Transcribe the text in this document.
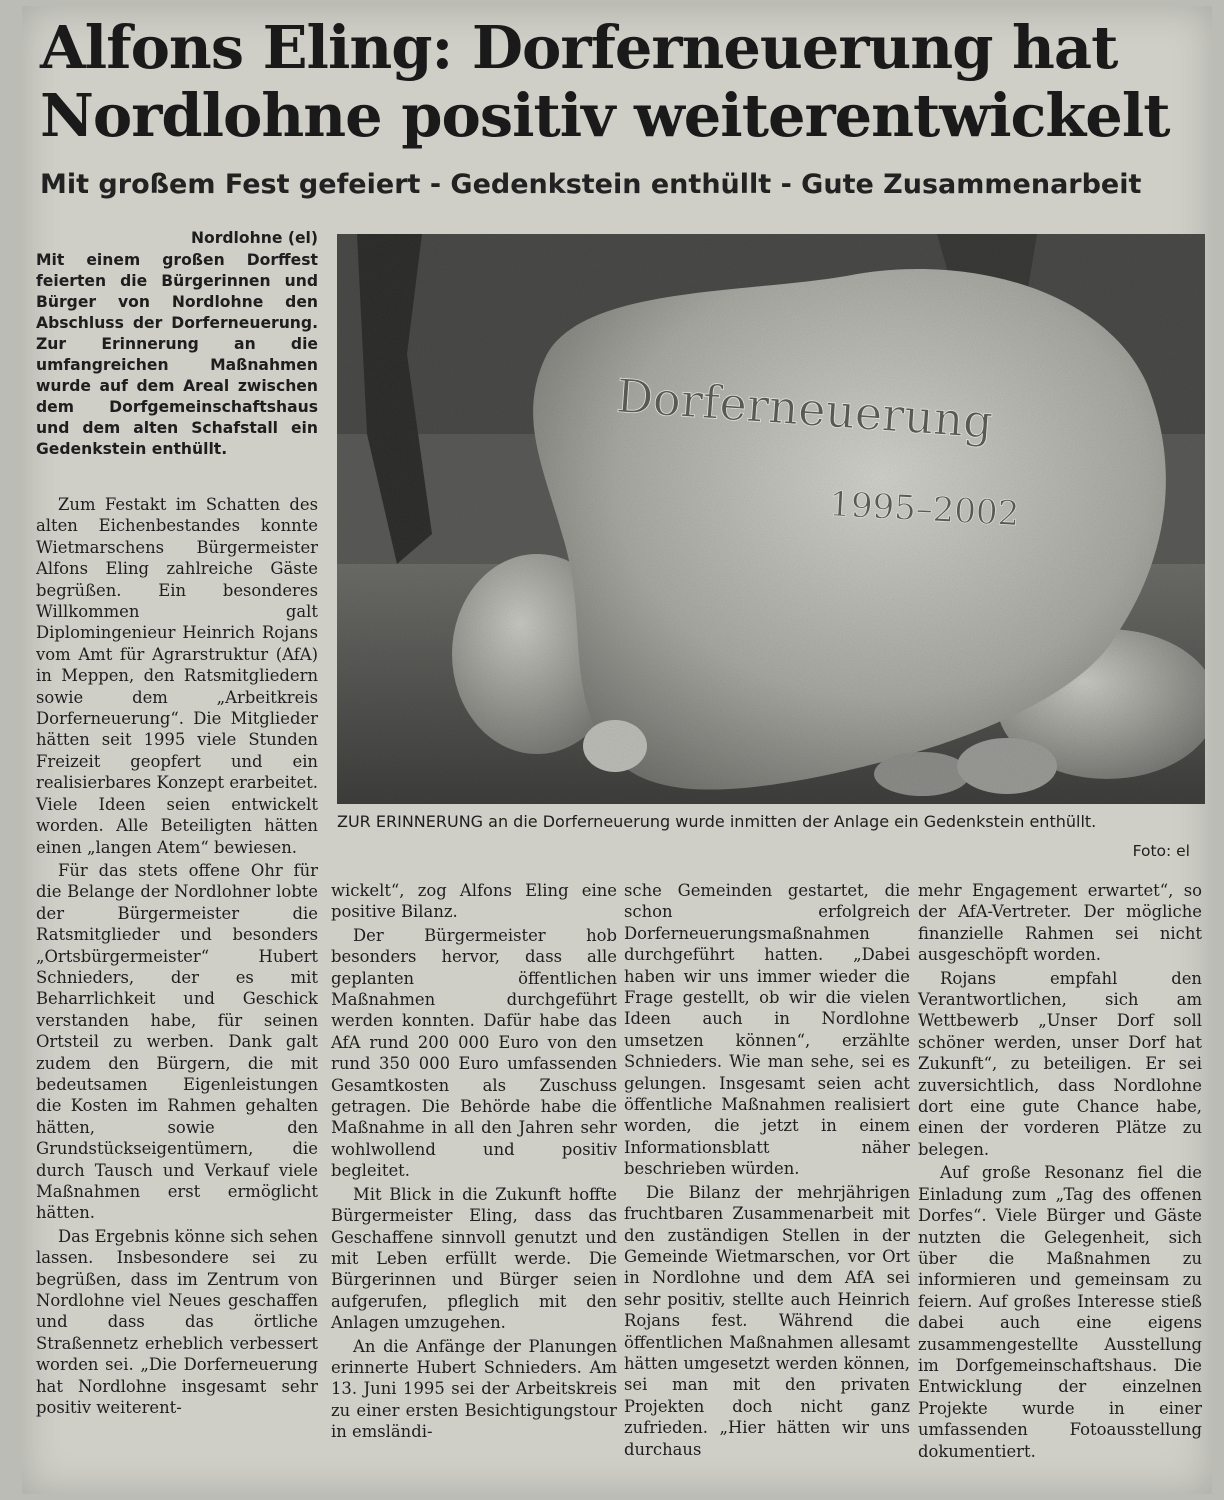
Alfons Eling: Dorferneuerung hat Nordlohne positiv weiterentwickelt
Mit großem Fest gefeiert - Gedenkstein enthüllt - Gute Zusammenarbeit

Nordlohne (el)

Mit einem großen Dorffest feierten die Bürgerinnen und Bürger von Nordlohne den Abschluss der Dorferneuerung. Zur Erinnerung an die umfangreichen Maßnahmen wurde auf dem Areal zwischen dem Dorfgemeinschaftshaus und dem alten Schafstall ein Gedenkstein enthüllt.

Dorferneuerung
1995–2002
ZUR ERINNERUNG an die Dorferneuerung wurde inmitten der Anlage ein Gedenkstein enthüllt.
Foto: el

Zum Festakt im Schatten des alten Eichenbestandes konnte Wietmarschens Bürgermeister Alfons Eling zahlreiche Gäste begrüßen. Ein besonderes Willkommen galt Diplomingenieur Heinrich Rojans vom Amt für Agrarstruktur (AfA) in Meppen, den Ratsmitgliedern sowie dem „Arbeitkreis Dorferneuerung“. Die Mitglieder hätten seit 1995 viele Stunden Freizeit geopfert und ein realisierbares Konzept erarbeitet. Viele Ideen seien entwickelt worden. Alle Beteiligten hätten einen „langen Atem“ bewiesen.

Für das stets offene Ohr für die Belange der Nordlohner lobte der Bürgermeister die Ratsmitglieder und besonders „Ortsbürgermeister“ Hubert Schnieders, der es mit Beharrlichkeit und Geschick verstanden habe, für seinen Ortsteil zu werben. Dank galt zudem den Bürgern, die mit bedeutsamen Eigenleistungen die Kosten im Rahmen gehalten hätten, sowie den Grundstückseigentümern, die durch Tausch und Verkauf viele Maßnahmen erst ermöglicht hätten.

Das Ergebnis könne sich sehen lassen. Insbesondere sei zu begrüßen, dass im Zentrum von Nordlohne viel Neues geschaffen und dass das örtliche Straßennetz erheblich verbessert worden sei. „Die Dorferneuerung hat Nordlohne insgesamt sehr positiv weiterent-

wickelt“, zog Alfons Eling eine positive Bilanz.

Der Bürgermeister hob besonders hervor, dass alle geplanten öffentlichen Maßnahmen durchgeführt werden konnten. Dafür habe das AfA rund 200 000 Euro von den rund 350 000 Euro umfassenden Gesamtkosten als Zuschuss getragen. Die Behörde habe die Maßnahme in all den Jahren sehr wohlwollend und positiv begleitet.

Mit Blick in die Zukunft hoffte Bürgermeister Eling, dass das Geschaffene sinnvoll genutzt und mit Leben erfüllt werde. Die Bürgerinnen und Bürger seien aufgerufen, pfleglich mit den Anlagen umzugehen.

An die Anfänge der Planungen erinnerte Hubert Schnieders. Am 13. Juni 1995 sei der Arbeitskreis zu einer ersten Besichtigungstour in emsländi-

sche Gemeinden gestartet, die schon erfolgreich Dorferneuerungsmaßnahmen durchgeführt hatten. „Dabei haben wir uns immer wieder die Frage gestellt, ob wir die vielen Ideen auch in Nordlohne umsetzen können“, erzählte Schnieders. Wie man sehe, sei es gelungen. Insgesamt seien acht öffentliche Maßnahmen realisiert worden, die jetzt in einem Informationsblatt näher beschrieben würden.

Die Bilanz der mehrjährigen fruchtbaren Zusammenarbeit mit den zuständigen Stellen in der Gemeinde Wietmarschen, vor Ort in Nordlohne und dem AfA sei sehr positiv, stellte auch Heinrich Rojans fest. Während die öffentlichen Maßnahmen allesamt hätten umgesetzt werden können, sei man mit den privaten Projekten doch nicht ganz zufrieden. „Hier hätten wir uns durchaus

mehr Engagement erwartet“, so der AfA-Vertreter. Der mögliche finanzielle Rahmen sei nicht ausgeschöpft worden.

Rojans empfahl den Verantwortlichen, sich am Wettbewerb „Unser Dorf soll schöner werden, unser Dorf hat Zukunft“, zu beteiligen. Er sei zuversichtlich, dass Nordlohne dort eine gute Chance habe, einen der vorderen Plätze zu belegen.

Auf große Resonanz fiel die Einladung zum „Tag des offenen Dorfes“. Viele Bürger und Gäste nutzten die Gelegenheit, sich über die Maßnahmen zu informieren und gemeinsam zu feiern. Auf großes Interesse stieß dabei auch eine eigens zusammengestellte Ausstellung im Dorfgemeinschaftshaus. Die Entwicklung der einzelnen Projekte wurde in einer umfassenden Fotoausstellung dokumentiert.
